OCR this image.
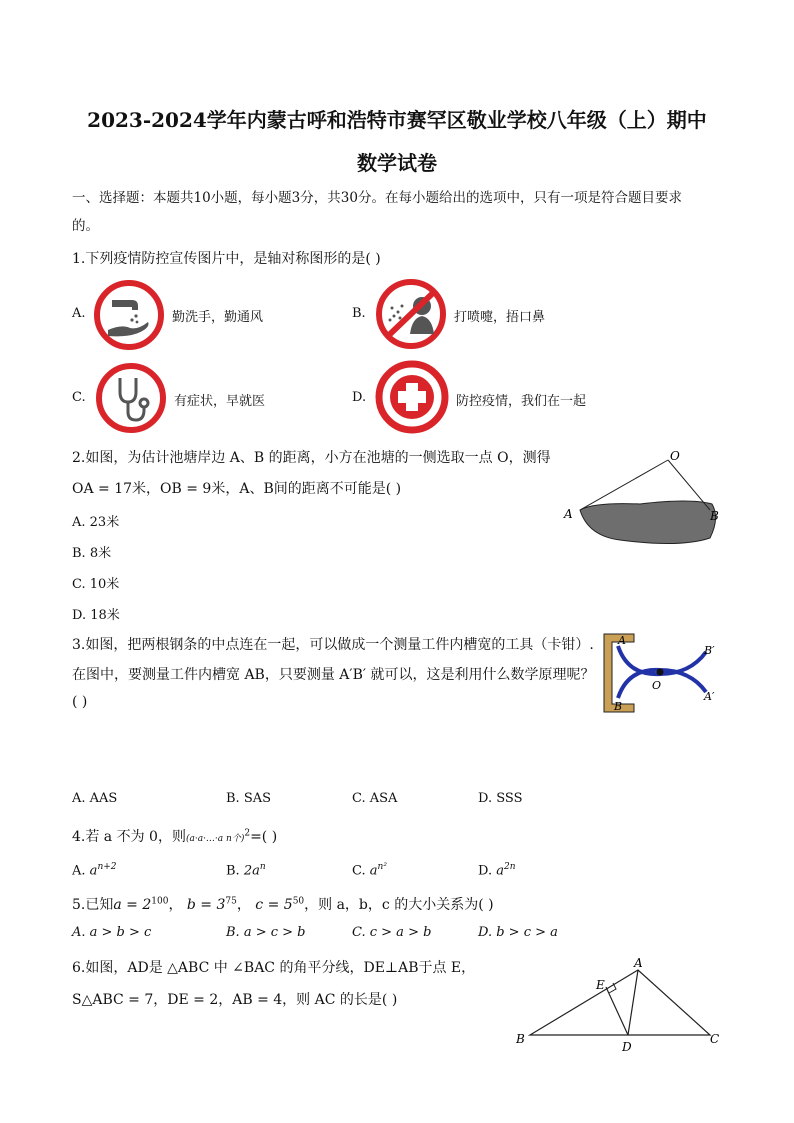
2023-2024学年内蒙古呼和浩特市赛罕区敬业学校八年级（上）期中
数学试卷
一、选择题：本题共10小题，每小题3分，共30分。在每小题给出的选项中，只有一项是符合题目要求
的。
1.下列疫情防控宣传图片中，是轴对称图形的是( )
A.	勤洗手，勤通风	B.	打喷嚏，捂口鼻
C.	有症状，早就医	D.	防控疫情，我们在一起
2.如图，为估计池塘岸边 A、B 的距离，小方在池塘的一侧选取一点 O，测得
OA = 17米，OB = 9米，A、B间的距离不可能是( )
A. 23米
B. 8米
C. 10米
D. 18米
O
A	B
3.如图，把两根钢条的中点连在一起，可以做成一个测量工件内槽宽的工具（卡钳）.
在图中，要测量工件内槽宽 AB，只要测量 A′B′ 就可以，这是利用什么数学原理呢？
( )
A
B′
O
A′
B
A. AAS	B. SAS	C. ASA	D. SSS
4.若 a 不为 0，则(a·a·…·a n个)$^2$=( )
A. $a^{n+2}$	B. $2a^n$	C. $a^{n^2}$	D. $a^{2n}$
5.已知$a = 2^{100}$， $b = 3^{75}$， $c = 5^{50}$，则 a，b，c 的大小关系为( )
A. a > b > c	B. a > c > b	C. c > a > b	D. b > c > a
6.如图，AD是 △ABC 中 ∠BAC 的角平分线，DE⊥AB于点 E，
S△ABC = 7，DE = 2，AB = 4，则 AC 的长是( )
A
E
B
D
C
